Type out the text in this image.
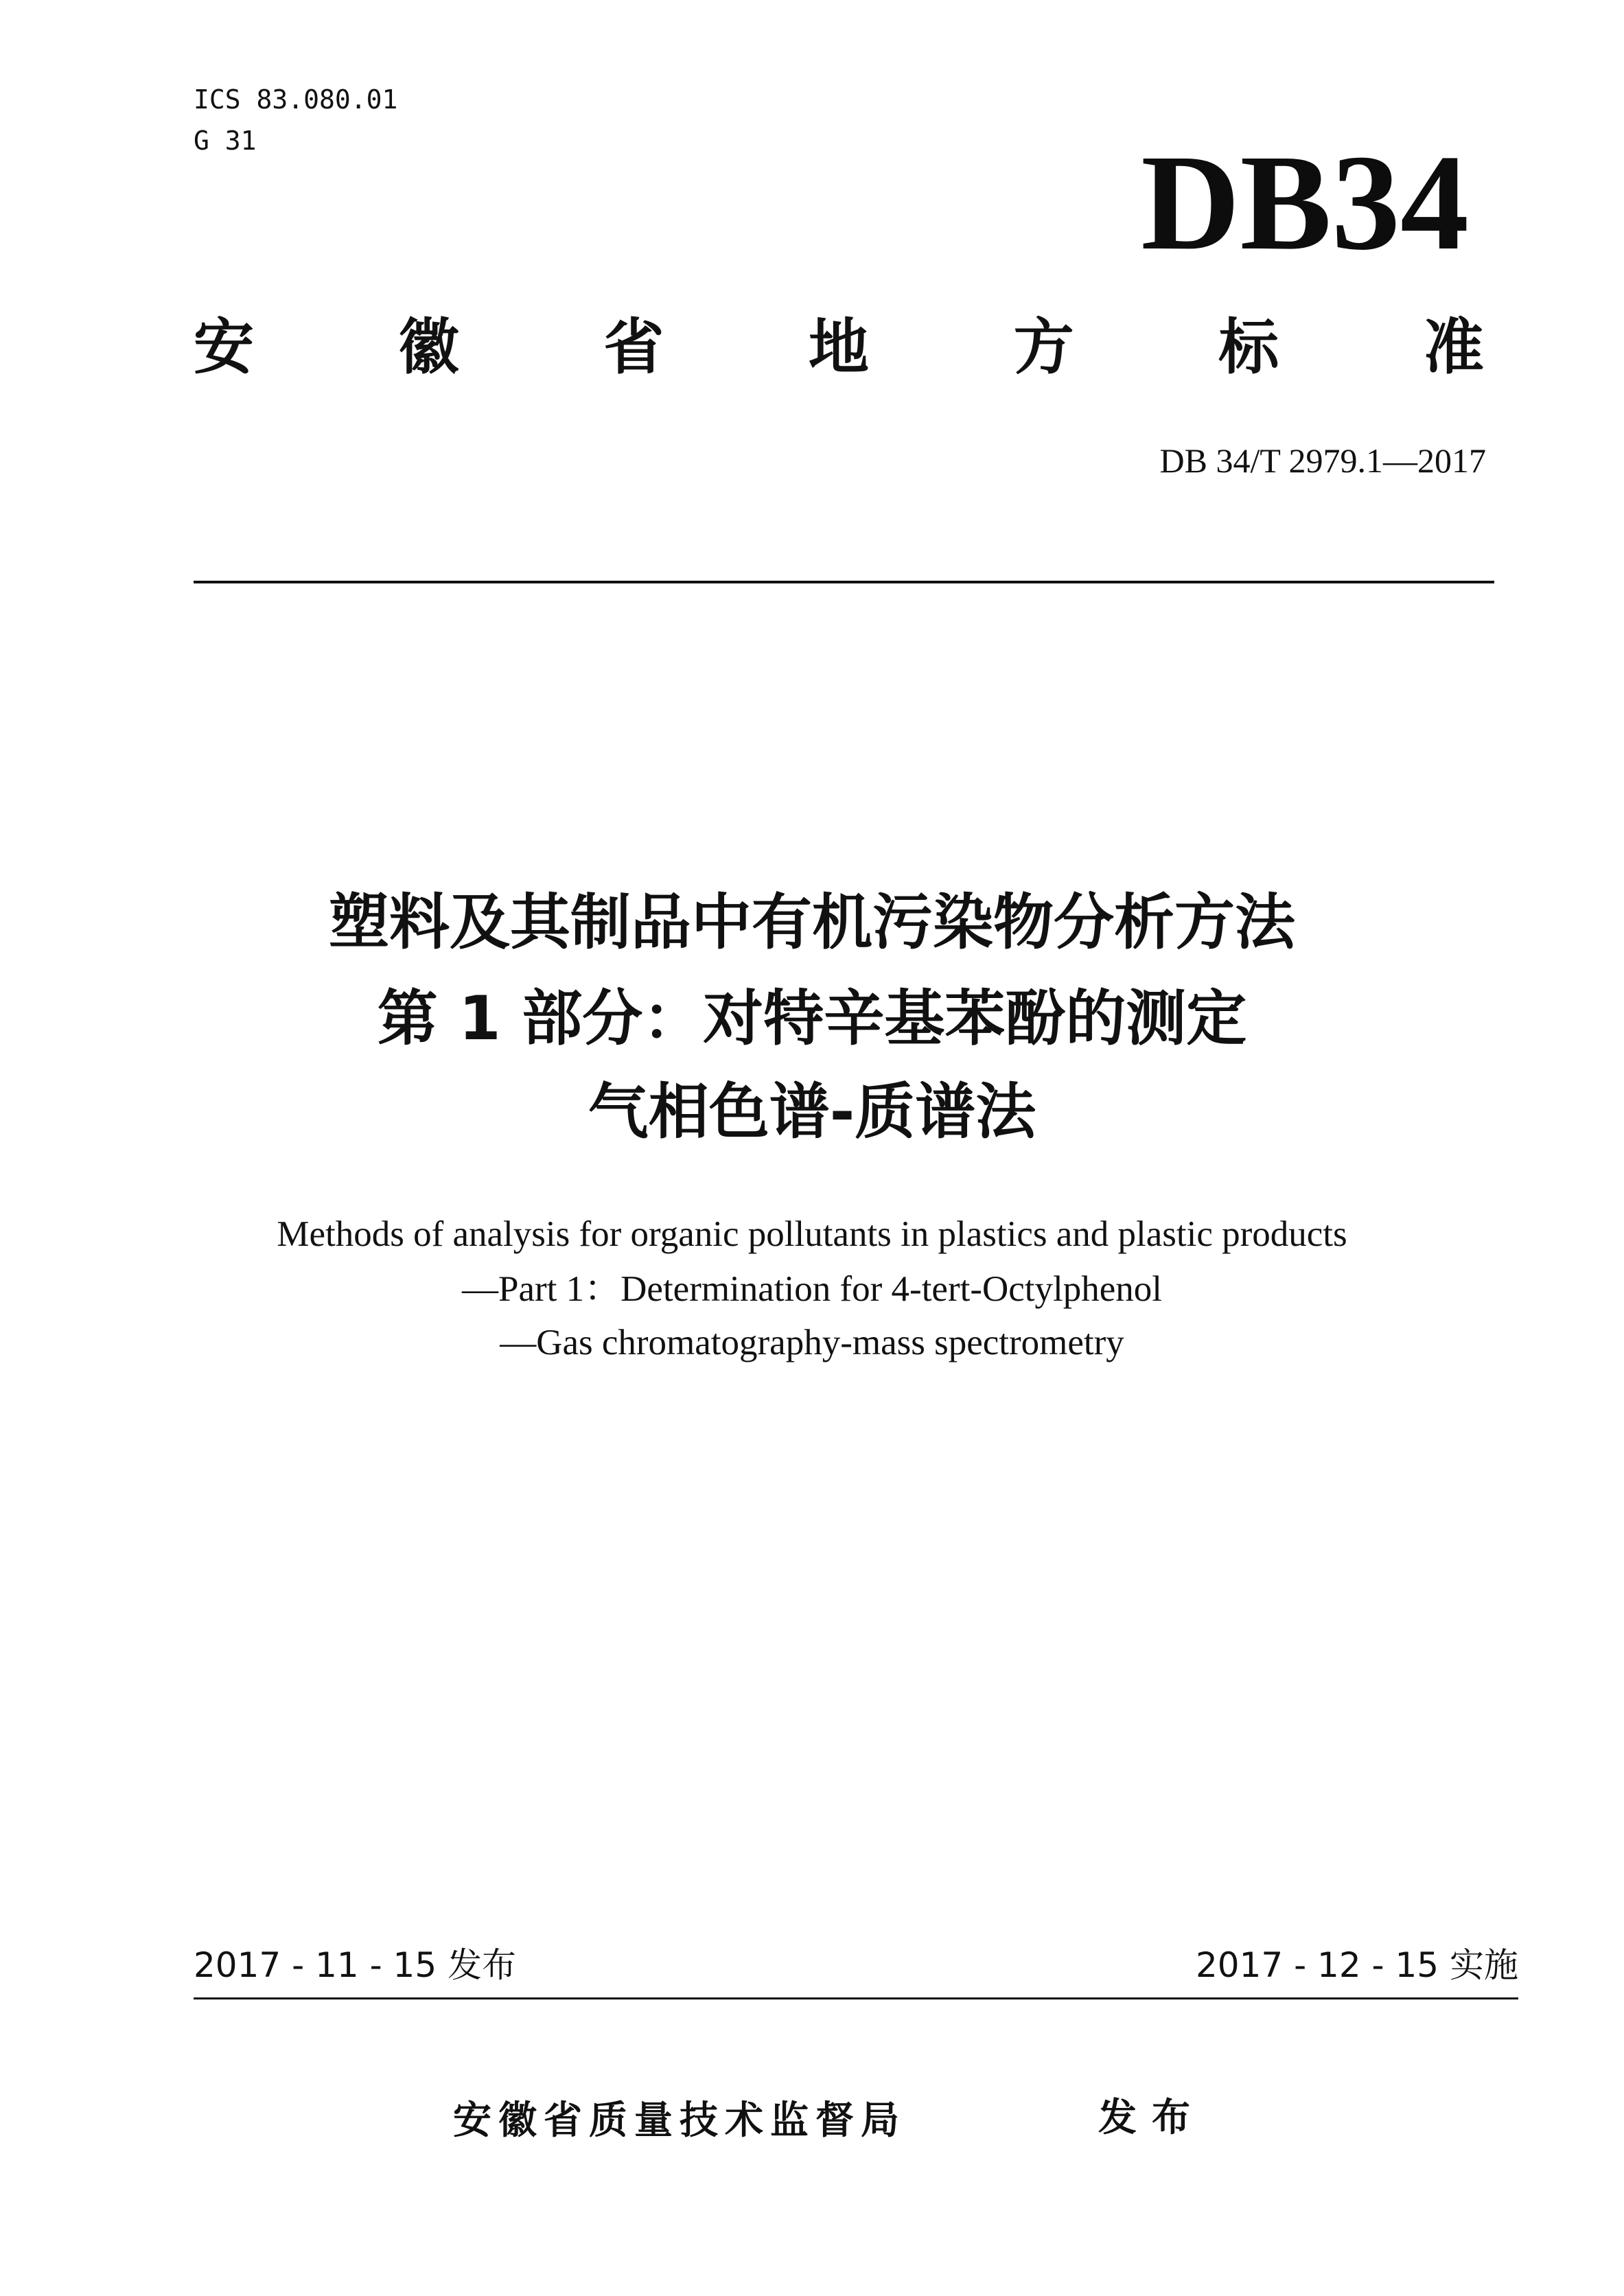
ICS 83.080.01
G 31	DB34
安 徽 省 地 方 标 准
DB 34/T 2979.1—2017
塑料及其制品中有机污染物分析方法
第 1 部分：对特辛基苯酚的测定
气相色谱-质谱法
Methods of analysis for organic pollutants in plastics and plastic products
—Part 1：Determination for 4-tert-Octylphenol
—Gas chromatography-mass spectrometry
2017 - 11 - 15 发布	2017 - 12 - 15 实施
安徽省质量技术监督局	发布
